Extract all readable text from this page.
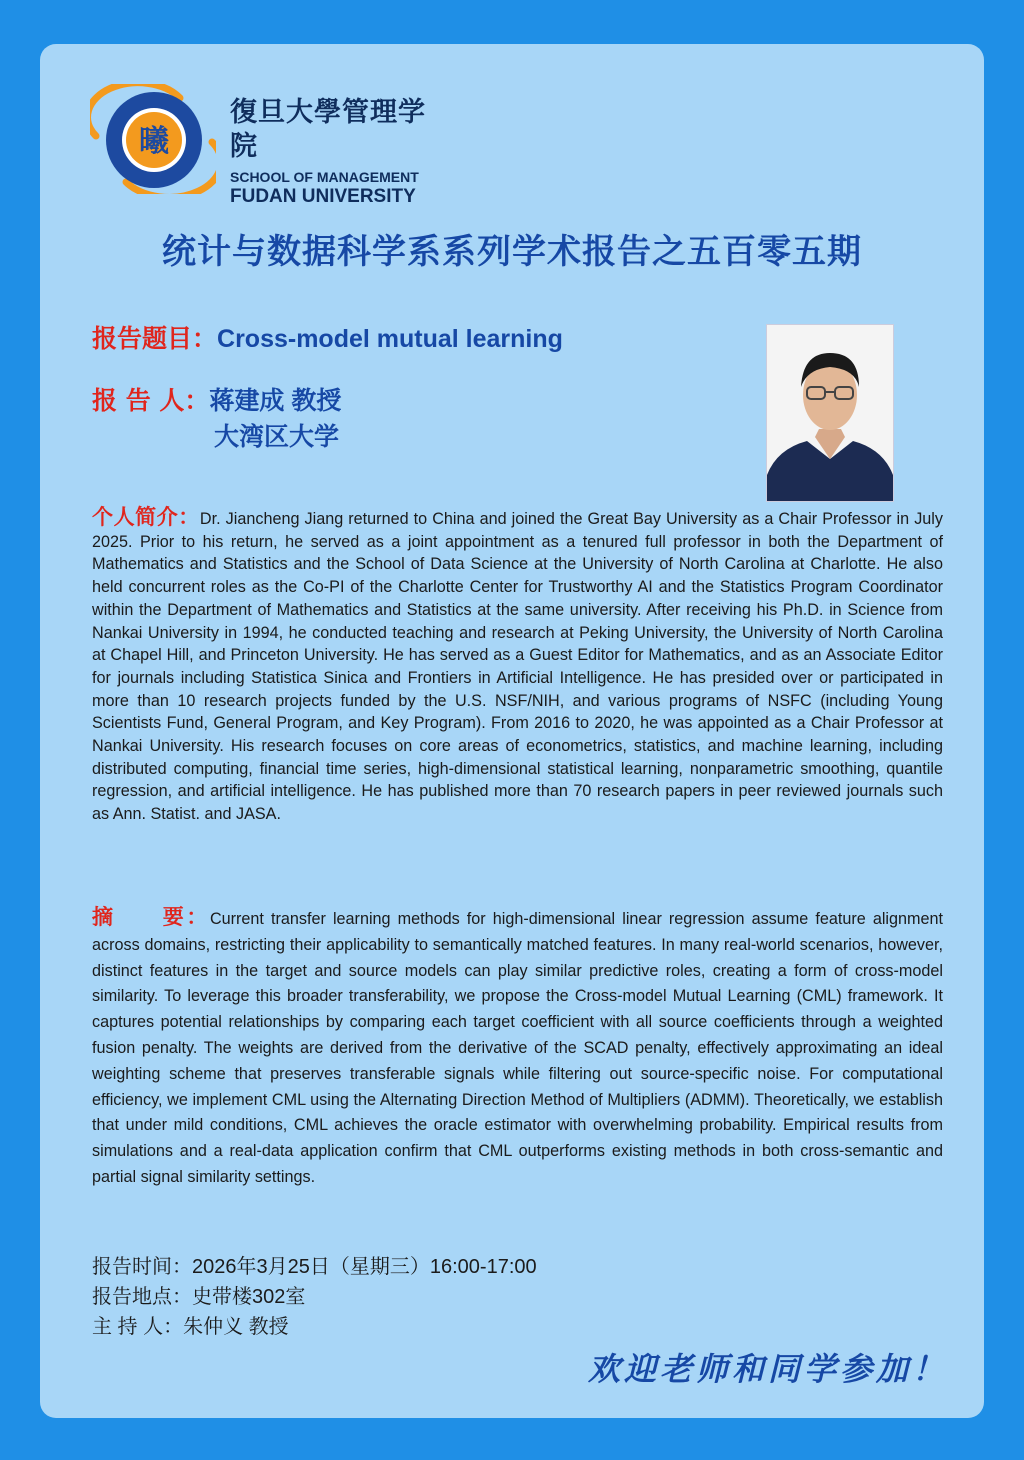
曦
復旦大學管理学院
SCHOOL OF MANAGEMENT
FUDAN UNIVERSITY
统计与数据科学系系列学术报告之五百零五期
报告题目：Cross-model mutual learning
报 告 人：蒋建成 教授
大湾区大学
个人简介：Dr. Jiancheng Jiang returned to China and joined the Great Bay University as a Chair Professor in July 2025. Prior to his return, he served as a joint appointment as a tenured full professor in both the Department of Mathematics and Statistics and the School of Data Science at the University of North Carolina at Charlotte. He also held concurrent roles as the Co-PI of the Charlotte Center for Trustworthy AI and the Statistics Program Coordinator within the Department of Mathematics and Statistics at the same university. After receiving his Ph.D. in Science from Nankai University in 1994, he conducted teaching and research at Peking University, the University of North Carolina at Chapel Hill, and Princeton University. He has served as a Guest Editor for Mathematics, and as an Associate Editor for journals including Statistica Sinica and Frontiers in Artificial Intelligence. He has presided over or participated in more than 10 research projects funded by the U.S. NSF/NIH, and various programs of NSFC (including Young Scientists Fund, General Program, and Key Program). From 2016 to 2020, he was appointed as a Chair Professor at Nankai University. His research focuses on core areas of econometrics, statistics, and machine learning, including distributed computing, financial time series, high-dimensional statistical learning, nonparametric smoothing, quantile regression, and artificial intelligence. He has published more than 70 research papers in peer reviewed journals such as Ann. Statist. and JASA.
摘　　要：Current transfer learning methods for high-dimensional linear regression assume feature alignment across domains, restricting their applicability to semantically matched features. In many real-world scenarios, however, distinct features in the target and source models can play similar predictive roles, creating a form of cross-model similarity. To leverage this broader transferability, we propose the Cross-model Mutual Learning (CML) framework. It captures potential relationships by comparing each target coefficient with all source coefficients through a weighted fusion penalty. The weights are derived from the derivative of the SCAD penalty, effectively approximating an ideal weighting scheme that preserves transferable signals while filtering out source-specific noise. For computational efficiency, we implement CML using the Alternating Direction Method of Multipliers (ADMM). Theoretically, we establish that under mild conditions, CML achieves the oracle estimator with overwhelming probability. Empirical results from simulations and a real-data application confirm that CML outperforms existing methods in both cross-semantic and partial signal similarity settings.
报告时间：2026年3月25日（星期三）16:00-17:00
报告地点：史带楼302室
主 持 人：朱仲义 教授
欢迎老师和同学参加！
